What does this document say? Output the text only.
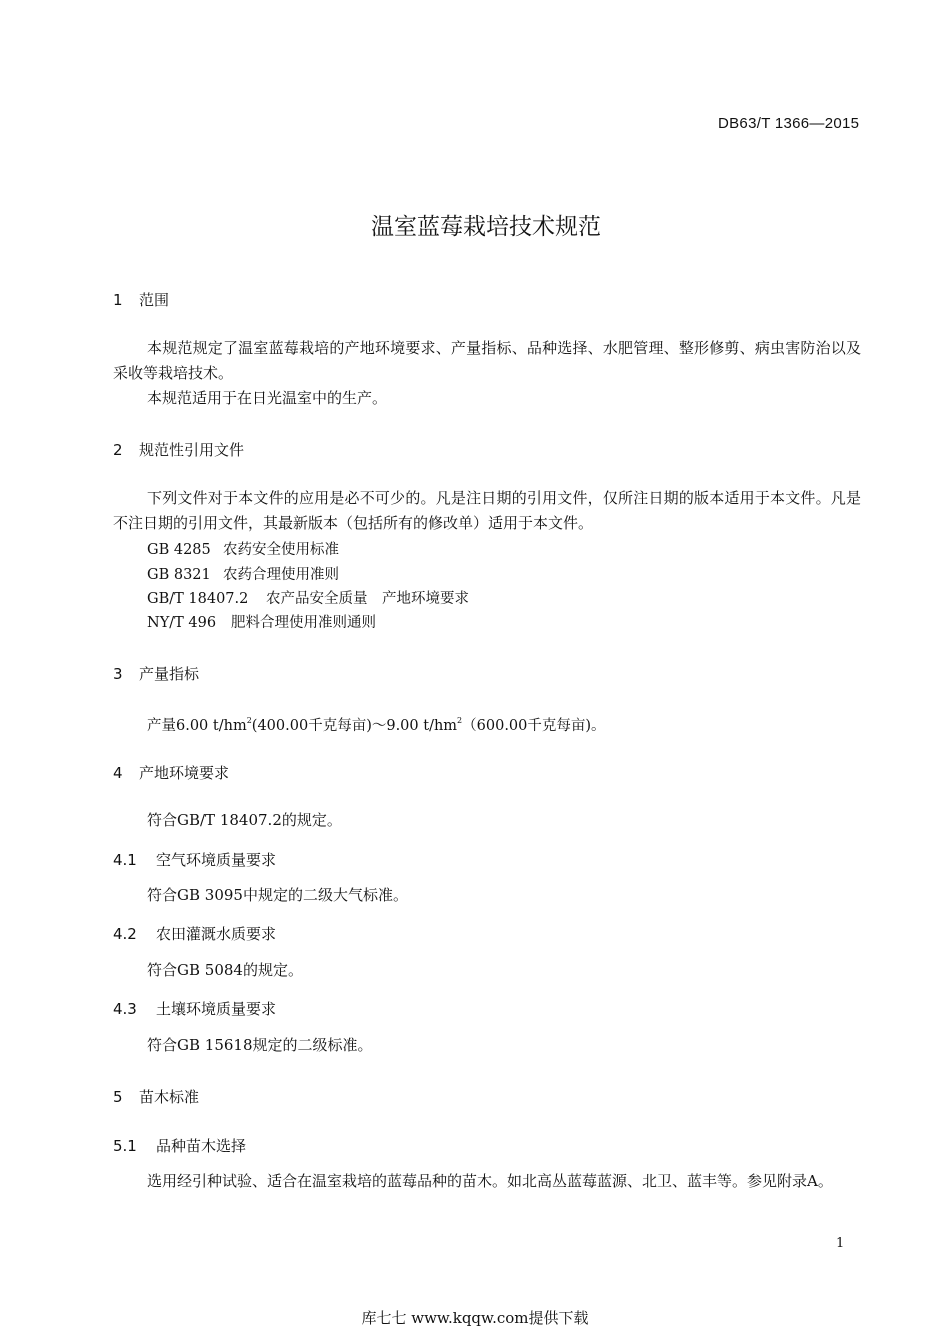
DB63/T 1366—2015
温室蓝莓栽培技术规范
1 范围
本规范规定了温室蓝莓栽培的产地环境要求、产量指标、品种选择、水肥管理、整形修剪、病虫害防治以及采收等栽培技术。
本规范适用于在日光温室中的生产。
2 规范性引用文件
下列文件对于本文件的应用是必不可少的。凡是注日期的引用文件，仅所注日期的版本适用于本文件。凡是不注日期的引用文件，其最新版本（包括所有的修改单）适用于本文件。
GB 4285 农药安全使用标准
GB 8321 农药合理使用准则
GB/T 18407.2 农产品安全质量　产地环境要求
NY/T 496 肥料合理使用准则通则
3 产量指标
产量6.00 $t/hm^2(400.00$千克每亩)～9.00 $t/hm^2(600.00$千克每亩)。
4 产地环境要求
符合GB/T 18407.2的规定。
4.1 空气环境质量要求
符合GB 3095中规定的二级大气标准。
4.2 农田灌溉水质要求
符合GB 5084的规定。
4.3 土壤环境质量要求
符合GB 15618规定的二级标准。
5 苗木标准
5.1 品种苗木选择
选用经引种试验、适合在温室栽培的蓝莓品种的苗木。如北高丛蓝莓蓝源、北卫、蓝丰等。参见附录A。
1
库七七 www.kqqw.com提供下载
